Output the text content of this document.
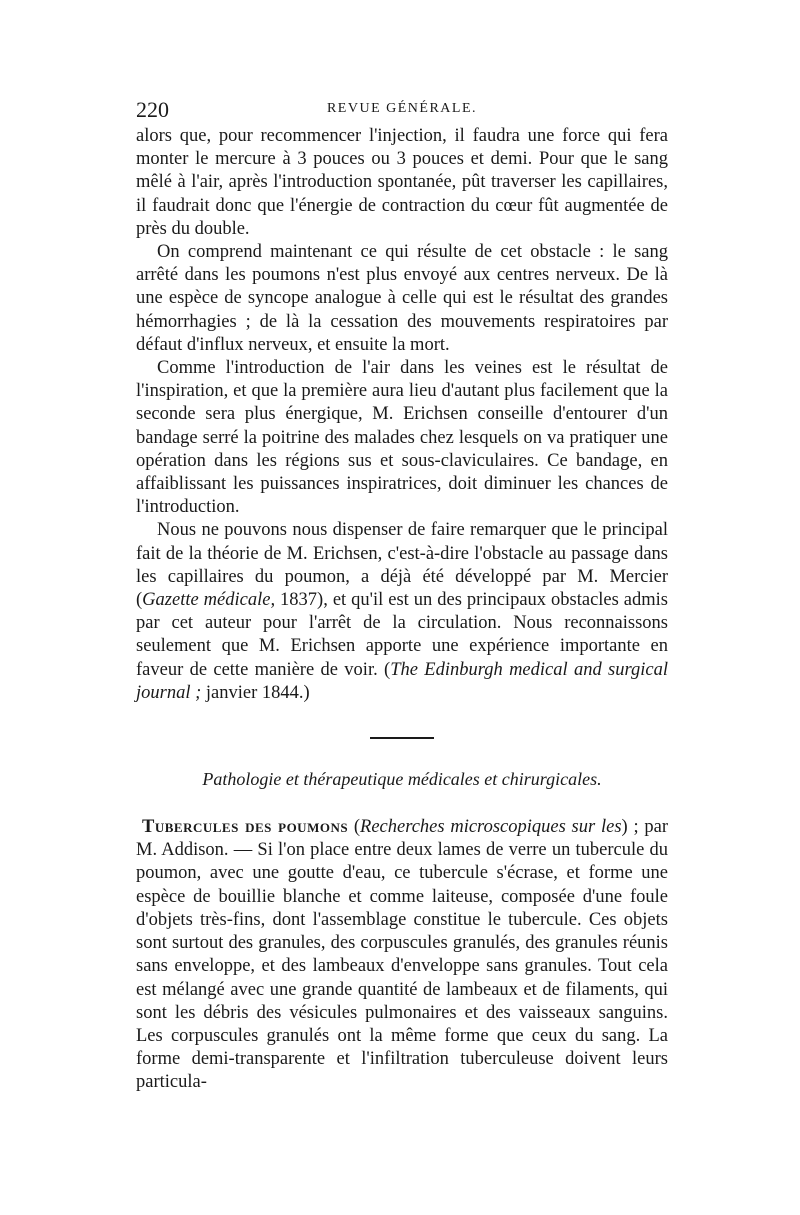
220	REVUE GÉNÉRALE.

alors que, pour recommencer l'injection, il faudra une force qui fera monter le mercure à 3 pouces ou 3 pouces et demi. Pour que le sang mêlé à l'air, après l'introduction spontanée, pût traverser les capillaires, il faudrait donc que l'énergie de contraction du cœur fût augmentée de près du double.

On comprend maintenant ce qui résulte de cet obstacle : le sang arrêté dans les poumons n'est plus envoyé aux centres nerveux. De là une espèce de syncope analogue à celle qui est le résultat des grandes hémorrhagies ; de là la cessation des mouvements respiratoires par défaut d'influx nerveux, et ensuite la mort.

Comme l'introduction de l'air dans les veines est le résultat de l'inspiration, et que la première aura lieu d'autant plus facilement que la seconde sera plus énergique, M. Erichsen conseille d'entourer d'un bandage serré la poitrine des malades chez lesquels on va pratiquer une opération dans les régions sus et sous-claviculaires. Ce bandage, en affaiblissant les puissances inspiratrices, doit diminuer les chances de l'introduction.

Nous ne pouvons nous dispenser de faire remarquer que le principal fait de la théorie de M. Erichsen, c'est-à-dire l'obstacle au passage dans les capillaires du poumon, a déjà été développé par M. Mercier (Gazette médicale, 1837), et qu'il est un des principaux obstacles admis par cet auteur pour l'arrêt de la circulation. Nous reconnaissons seulement que M. Erichsen apporte une expérience importante en faveur de cette manière de voir. (The Edinburgh medical and surgical journal ; janvier 1844.)

Pathologie et thérapeutique médicales et chirurgicales.

Tubercules des poumons (Recherches microscopiques sur les) ; par M. Addison. — Si l'on place entre deux lames de verre un tubercule du poumon, avec une goutte d'eau, ce tubercule s'écrase, et forme une espèce de bouillie blanche et comme laiteuse, composée d'une foule d'objets très-fins, dont l'assemblage constitue le tubercule. Ces objets sont surtout des granules, des corpuscules granulés, des granules réunis sans enveloppe, et des lambeaux d'enveloppe sans granules. Tout cela est mélangé avec une grande quantité de lambeaux et de filaments, qui sont les débris des vésicules pulmonaires et des vaisseaux sanguins. Les corpuscules granulés ont la même forme que ceux du sang. La forme demi-transparente et l'infiltration tuberculeuse doivent leurs particula-
